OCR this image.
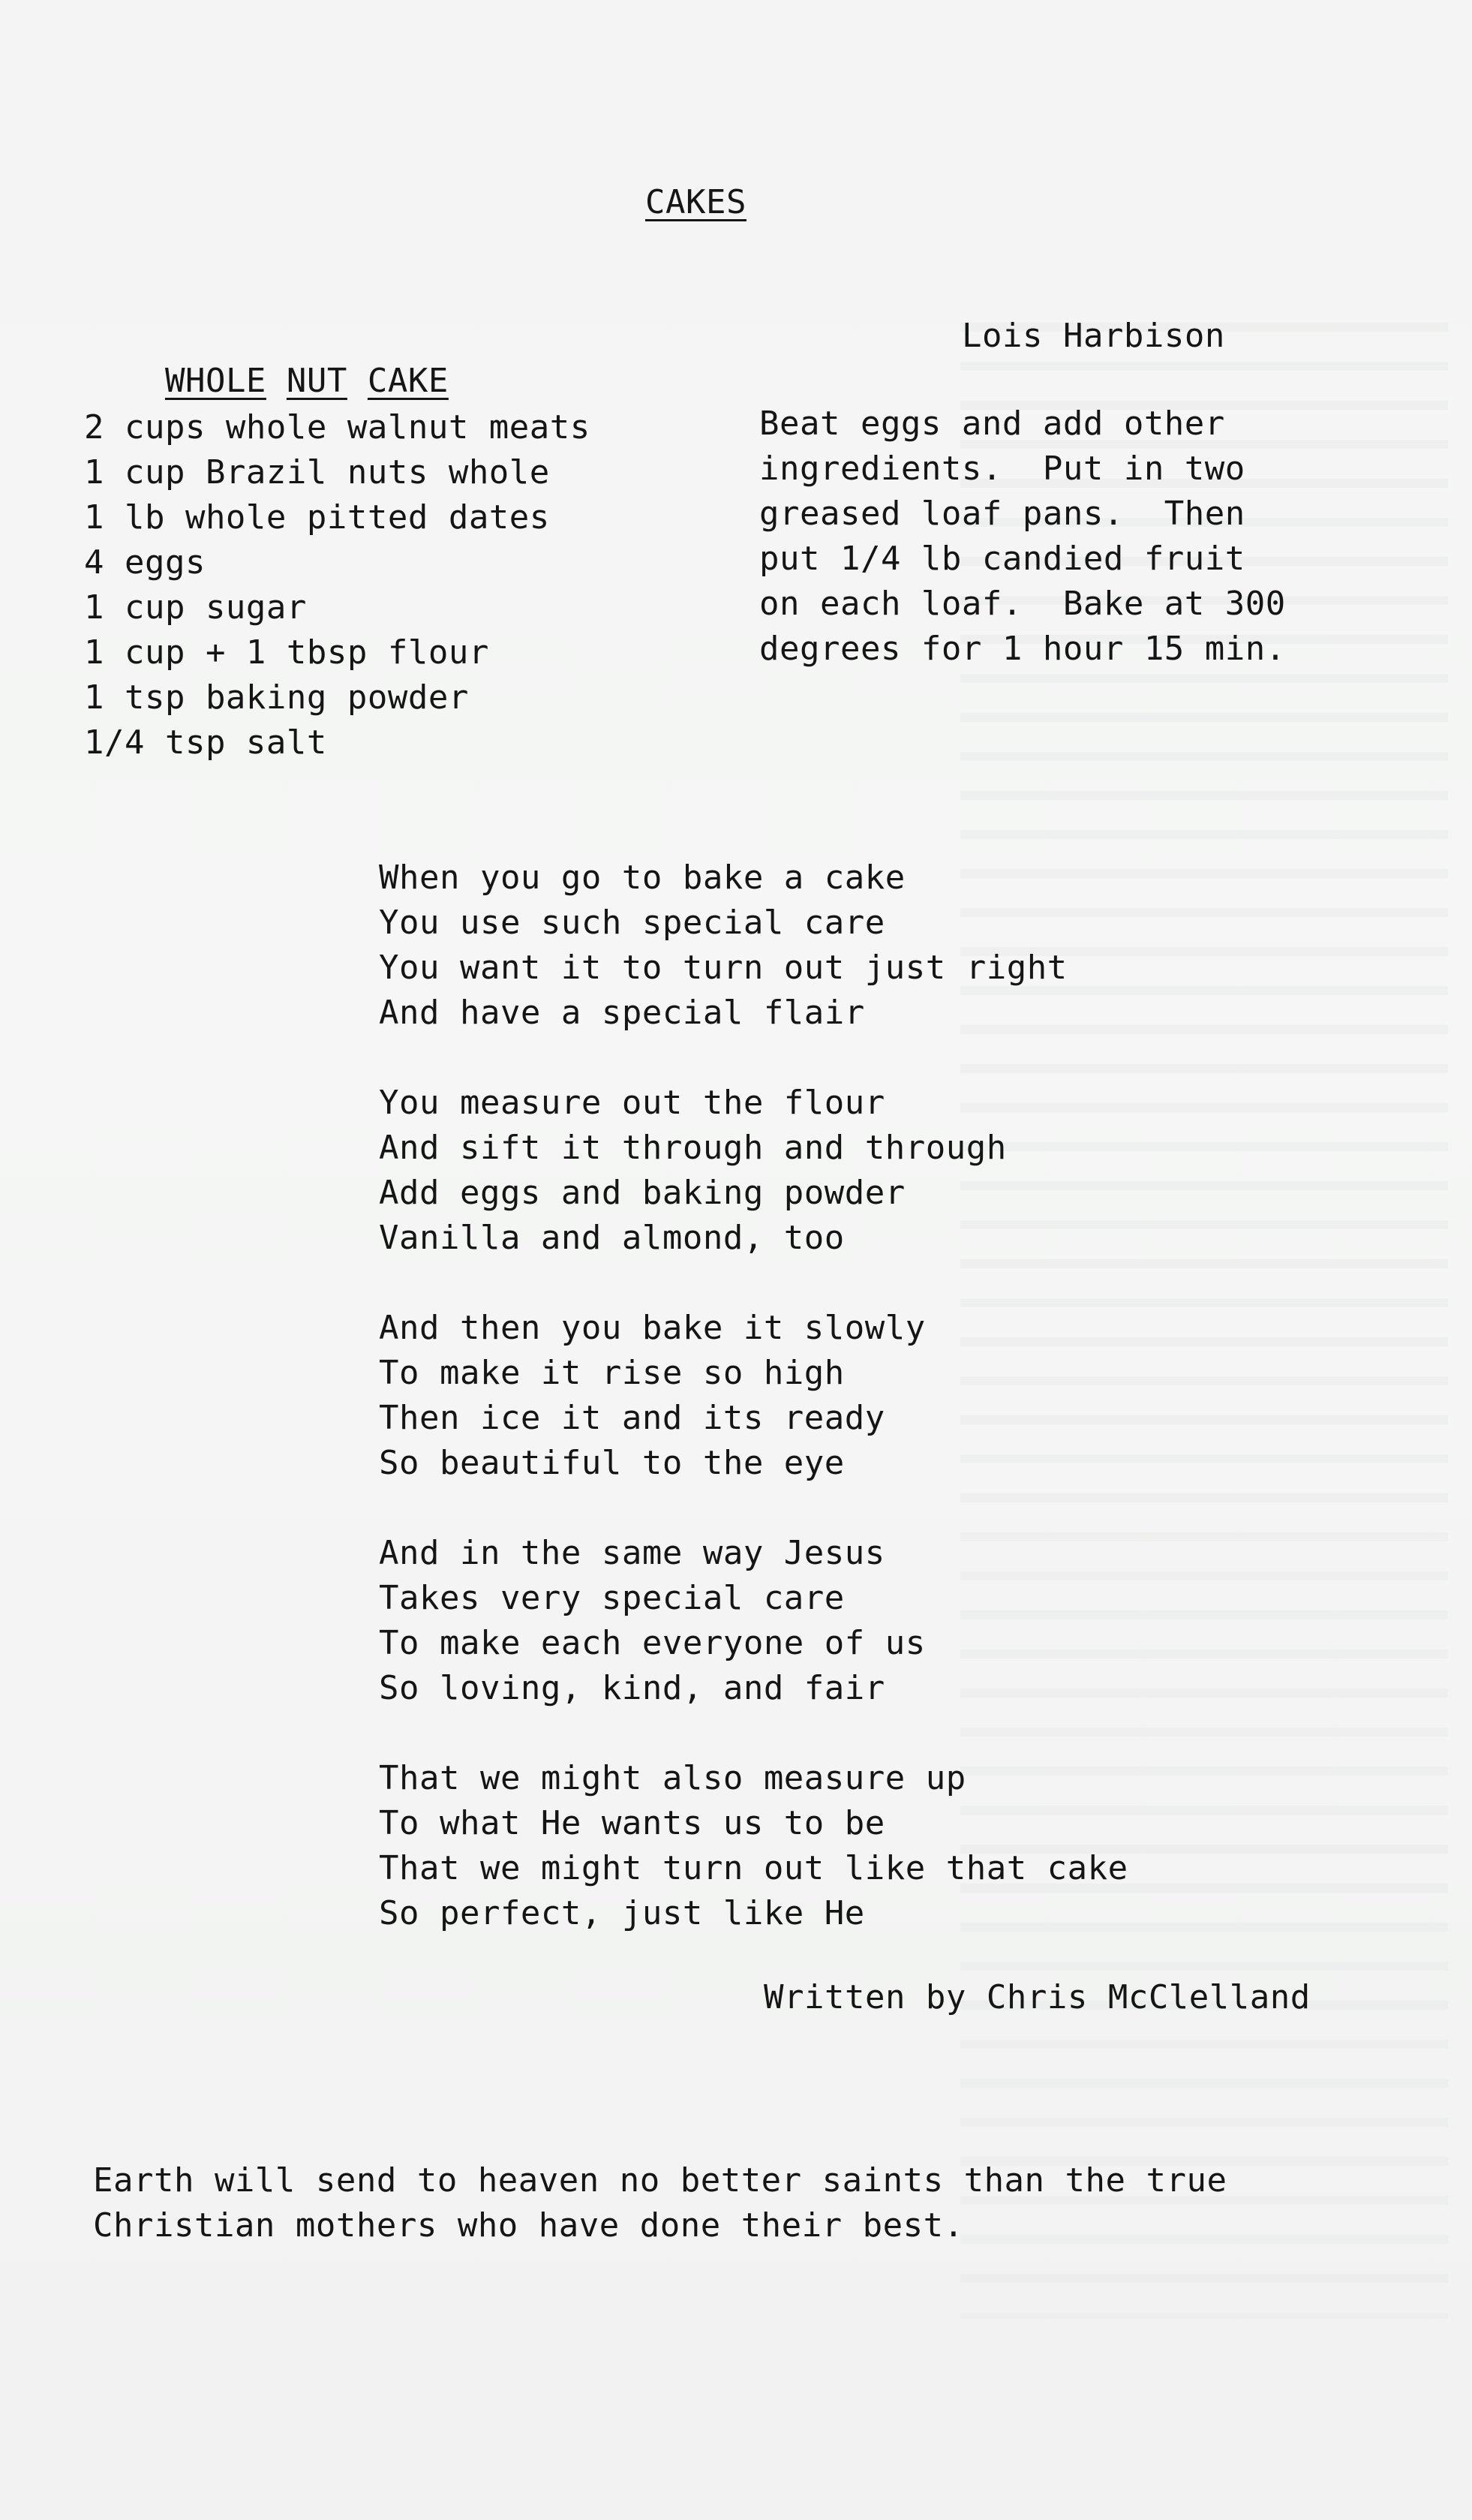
CAKES

WHOLE NUT CAKE

Lois Harbison
2 cups whole walnut meats
1 cup Brazil nuts whole
1 lb whole pitted dates
4 eggs
1 cup sugar
1 cup + 1 tbsp flour
1 tsp baking powder
1/4 tsp salt
Beat eggs and add other
ingredients.  Put in two
greased loaf pans.  Then
put 1/4 lb candied fruit
on each loaf.  Bake at 300
degrees for 1 hour 15 min.
When you go to bake a cake
You use such special care
You want it to turn out just right
And have a special flair
You measure out the flour
And sift it through and through
Add eggs and baking powder
Vanilla and almond, too
And then you bake it slowly
To make it rise so high
Then ice it and its ready
So beautiful to the eye
And in the same way Jesus
Takes very special care
To make each everyone of us
So loving, kind, and fair
That we might also measure up
To what He wants us to be
That we might turn out like that cake
So perfect, just like He
Written by Chris McClelland
Earth will send to heaven no better saints than the true
Christian mothers who have done their best.
